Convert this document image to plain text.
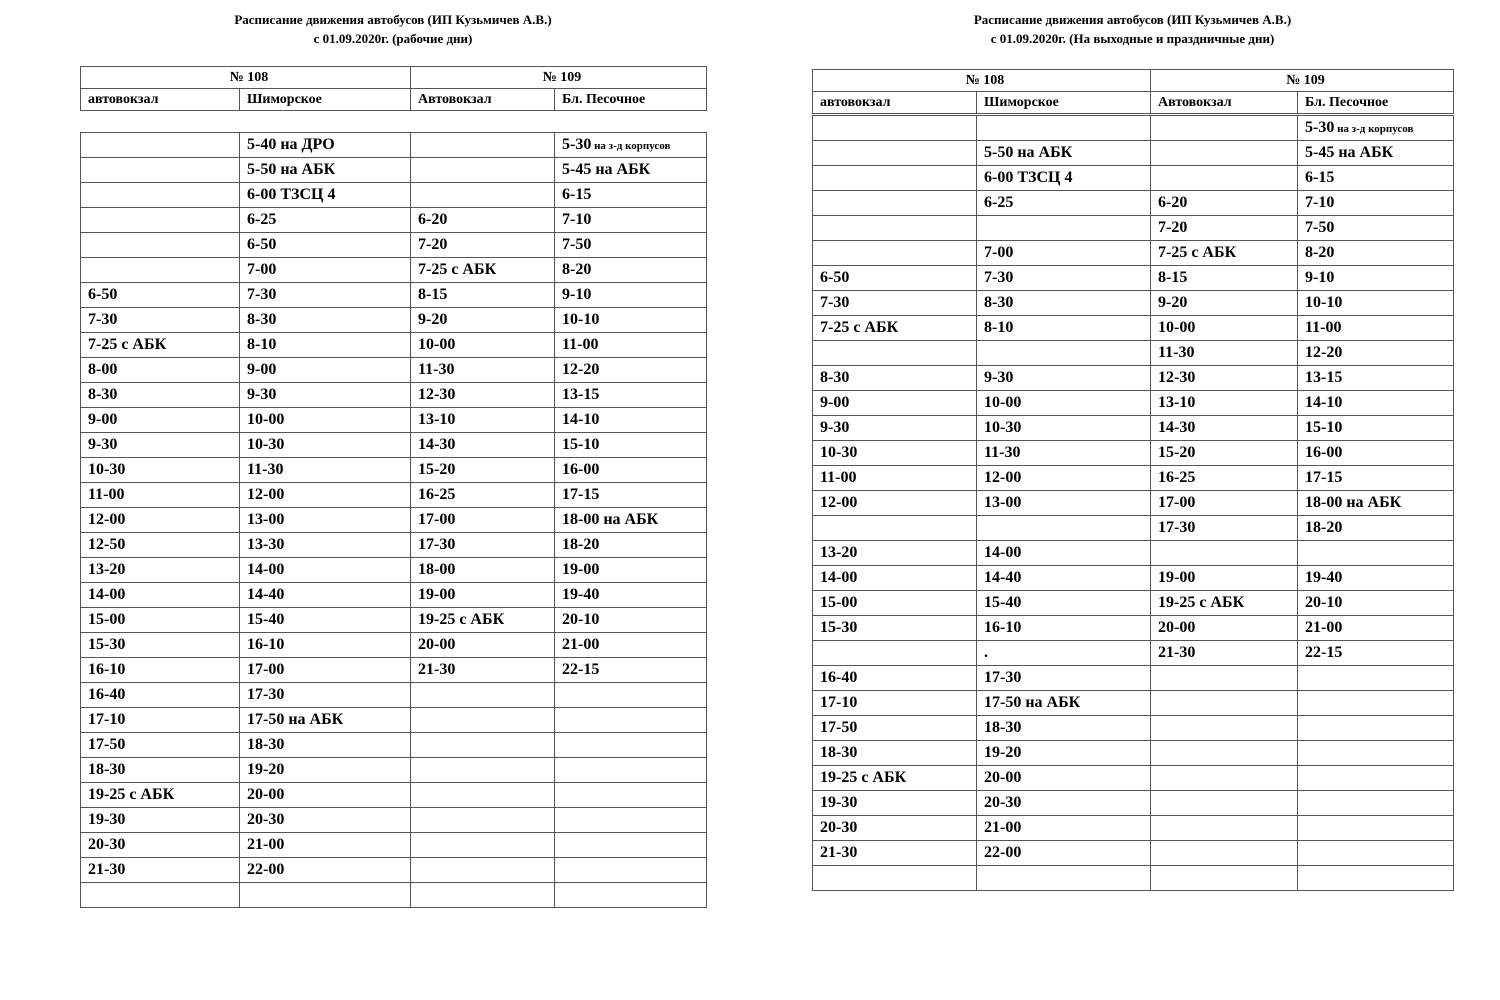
Расписание движения автобусов (ИП Кузьмичев А.В.)
с 01.09.2020г. (рабочие дни)
№ 108		№ 109	
автовокзал	Шиморское	Автовокзал	Бл. Песочное
	5-40 на ДРО		5-30 на з-д корпусов
	5-50 на АБК		5-45 на АБК
	6-00 ТЗСЦ 4		6-15
	6-25	6-20	7-10
	6-50	7-20	7-50
	7-00	7-25 с АБК	8-20
6-50	7-30	8-15	9-10
7-30	8-30	9-20	10-10
7-25 с АБК	8-10	10-00	11-00
8-00	9-00	11-30	12-20
8-30	9-30	12-30	13-15
9-00	10-00	13-10	14-10
9-30	10-30	14-30	15-10
10-30	11-30	15-20	16-00
11-00	12-00	16-25	17-15
12-00	13-00	17-00	18-00 на АБК
12-50	13-30	17-30	18-20
13-20	14-00	18-00	19-00
14-00	14-40	19-00	19-40
15-00	15-40	19-25 с АБК	20-10
15-30	16-10	20-00	21-00
16-10	17-00	21-30	22-15
16-40	17-30		
17-10	17-50 на АБК		
17-50	18-30		
18-30	19-20		
19-25 с АБК	20-00		
19-30	20-30		
20-30	21-00		
21-30	22-00		

Расписание движения автобусов (ИП Кузьмичев А.В.)
с 01.09.2020г. (На выходные и праздничные дни)
№ 108		№ 109	
автовокзал	Шиморское	Автовокзал	Бл. Песочное
			5-30 на з-д корпусов
	5-50 на АБК		5-45 на АБК
	6-00 ТЗСЦ 4		6-15
	6-25	6-20	7-10
		7-20	7-50
	7-00	7-25 с АБК	8-20
6-50	7-30	8-15	9-10
7-30	8-30	9-20	10-10
7-25 с АБК	8-10	10-00	11-00
		11-30	12-20
8-30	9-30	12-30	13-15
9-00	10-00	13-10	14-10
9-30	10-30	14-30	15-10
10-30	11-30	15-20	16-00
11-00	12-00	16-25	17-15
12-00	13-00	17-00	18-00 на АБК
		17-30	18-20
13-20	14-00		
14-00	14-40	19-00	19-40
15-00	15-40	19-25 с АБК	20-10
15-30	16-10	20-00	21-00
	.	21-30	22-15
16-40	17-30		
17-10	17-50 на АБК		
17-50	18-30		
18-30	19-20		
19-25 с АБК	20-00		
19-30	20-30		
20-30	21-00		
21-30	22-00		
